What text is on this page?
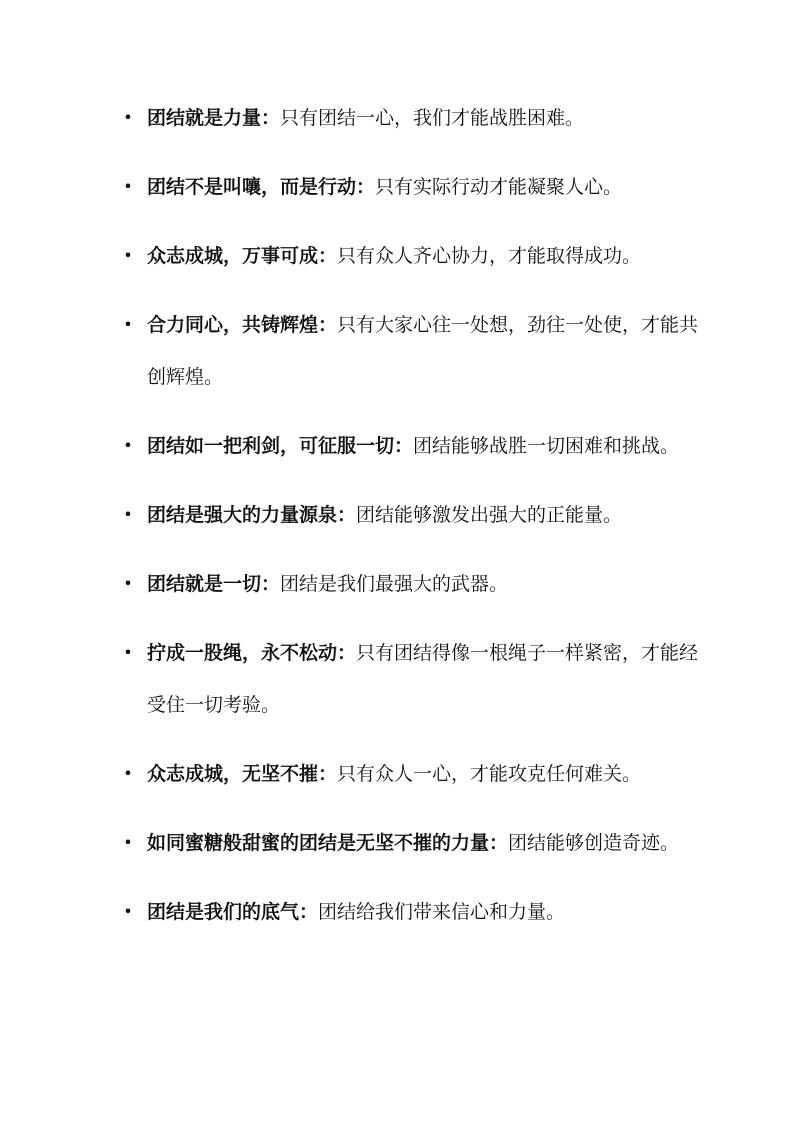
• 团结就是力量：只有团结一心，我们才能战胜困难。
• 团结不是叫嚷，而是行动：只有实际行动才能凝聚人心。
• 众志成城，万事可成：只有众人齐心协力，才能取得成功。
• 合力同心，共铸辉煌：只有大家心往一处想，劲往一处使，才能共创辉煌。
• 团结如一把利剑，可征服一切：团结能够战胜一切困难和挑战。
• 团结是强大的力量源泉：团结能够激发出强大的正能量。
• 团结就是一切：团结是我们最强大的武器。
• 拧成一股绳，永不松动：只有团结得像一根绳子一样紧密，才能经受住一切考验。
• 众志成城，无坚不摧：只有众人一心，才能攻克任何难关。
• 如同蜜糖般甜蜜的团结是无坚不摧的力量：团结能够创造奇迹。
• 团结是我们的底气：团结给我们带来信心和力量。
